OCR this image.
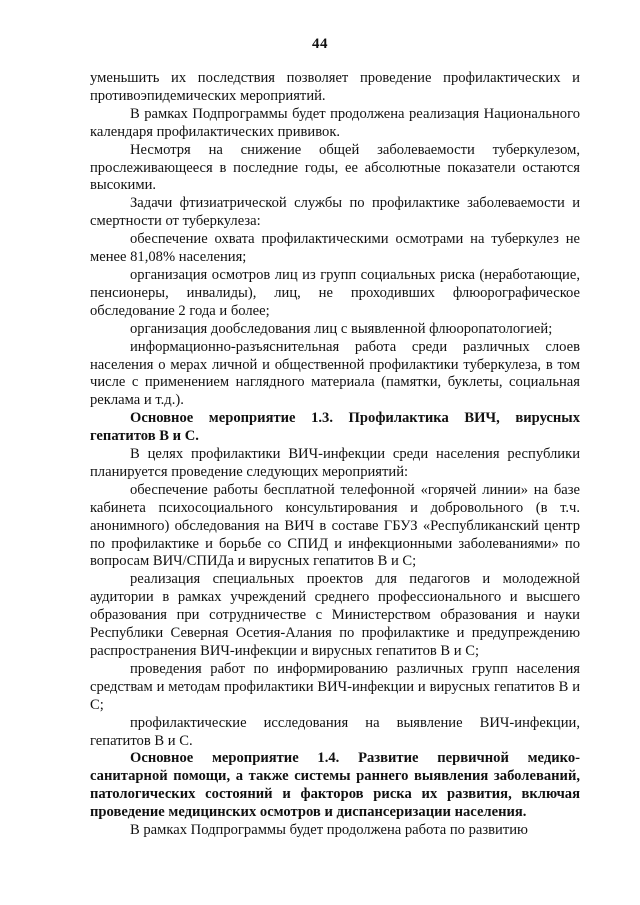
44

уменьшить их последствия позволяет проведение профилактических и противоэпидемических мероприятий.

В рамках Подпрограммы будет продолжена реализация Национального календаря профилактических прививок.

Несмотря на снижение общей заболеваемости туберкулезом, прослеживающееся в последние годы, ее абсолютные показатели остаются высокими.

Задачи фтизиатрической службы по профилактике заболеваемости и смертности от туберкулеза:

обеспечение охвата профилактическими осмотрами на туберкулез не менее 81,08% населения;

организация осмотров лиц из групп социальных риска (неработающие, пенсионеры, инвалиды), лиц, не проходивших флюорографическое обследование 2 года и более;

организация дообследования лиц с выявленной флюоропатологией;

информационно-разъяснительная работа среди различных слоев населения о мерах личной и общественной профилактики туберкулеза, в том числе с применением наглядного материала (памятки, буклеты, социальная реклама и т.д.).

Основное мероприятие 1.3. Профилактика ВИЧ, вирусных гепатитов В и С.

В целях профилактики ВИЧ-инфекции среди населения республики планируется проведение следующих мероприятий:

обеспечение работы бесплатной телефонной «горячей линии» на базе кабинета психосоциального консультирования и добровольного (в т.ч. анонимного) обследования на ВИЧ в составе ГБУЗ «Республиканский центр по профилактике и борьбе со СПИД и инфекционными заболеваниями» по вопросам ВИЧ/СПИДа и вирусных гепатитов В и С;

реализация специальных проектов для педагогов и молодежной аудитории в рамках учреждений среднего профессионального и высшего образования при сотрудничестве с Министерством образования и науки Республики Северная Осетия-Алания по профилактике и предупреждению распространения ВИЧ-инфекции и вирусных гепатитов В и С;

проведения работ по информированию различных групп населения средствам и методам профилактики ВИЧ-инфекции и вирусных гепатитов В и С;

профилактические исследования на выявление ВИЧ-инфекции, гепатитов В и С.

Основное мероприятие 1.4. Развитие первичной медико-санитарной помощи, а также системы раннего выявления заболеваний, патологических состояний и факторов риска их развития, включая проведение медицинских осмотров и диспансеризации населения.

В рамках Подпрограммы будет продолжена работа по развитию
